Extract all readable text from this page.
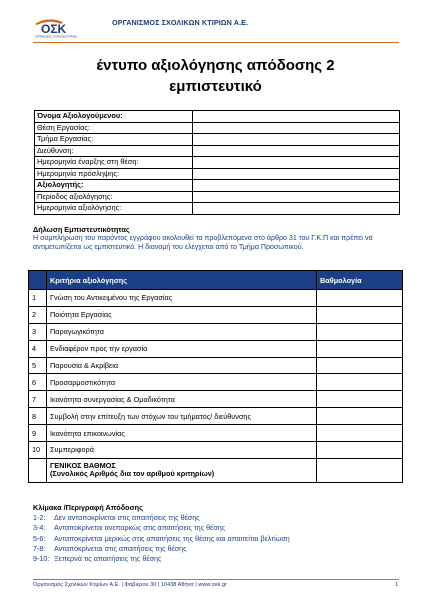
ΟΣΚ
ΟΡΓΑΝΙΣΜΟΣ ΣΧΟΛΙΚΩΝ ΚΤΙΡΙΩΝ
ΟΡΓΑΝΙΣΜΟΣ ΣΧΟΛΙΚΩΝ ΚΤΙΡΙΩΝ Α.Ε.
έντυπο αξιολόγησης απόδοσης 2
εμπιστευτικό
Όνομα Αξιολογούμενου:	
Θέση Εργασίας:	
Τμήμα Εργασίας:	
Διεύθυνση:	
Ημερομηνία έναρξης στη θέση:	
Ημερομηνία πρόσληψης:	
Αξιολογητής:	
Περίοδος αξιολόγησης:	
Ημερομηνία αξιολόγησης:	
Δήλωση Εμπιστευτικότητας
Η συμπλήρωση του παρόντος εγγράφου ακολουθεί τα προβλεπόμενα στο άρθρο 31 του Γ.Κ.Π και πρέπει να αντιμετωπίζεται ως εμπιστευτικό. Η διανομή του ελέγχεται από το Τμήμα Προσωπικού.
	Κριτήρια αξιολόγησης	Βαθμολογία
1	Γνώση του Αντικειμένου της Εργασίας	
2	Ποιότητα Εργασίας	
3	Παραγωγικότητα	
4	Ενδιαφέρον προς την εργασία	
5	Παρουσία & Ακρίβεια	
6	Προσαρμοστικότητα	
7	Ικανότητα συνεργασίας & Ομαδικότητα	
8	Συμβολή στην επίτευξη των στόχων του τμήματος/ διεύθυνσης	
9	Ικανότητα επικοινωνίας	
10	Συμπεριφορά	

	ΓΕΝΙΚΟΣ ΒΑΘΜΟΣ
(Συνολικός Αριθμός δια τον αριθμού κριτηρίων)	

Κλίμακα /Περιγραφή Απόδοσης
1-2: Δεν ανταποκρίνεται στις απαιτήσεις της θέσης
3-4: Ανταποκρίνεται ανεπαρκώς στις απαιτήσεις της θέσης
5-6: Ανταποκρίνεται μερικώς στις απαιτήσεις της θέσης και απαιτείται βελτίωση
7-8: Ανταποκρίνεται στις απαιτήσεις της θέσης
9-10: Ξεπερνά τις απαιτήσεις της θέσης
Οργανισμός Σχολικών Κτιρίων Α.Ε. | Φαβιέρου 30 | 10438 Αθήνα | www.osk.gr	1
